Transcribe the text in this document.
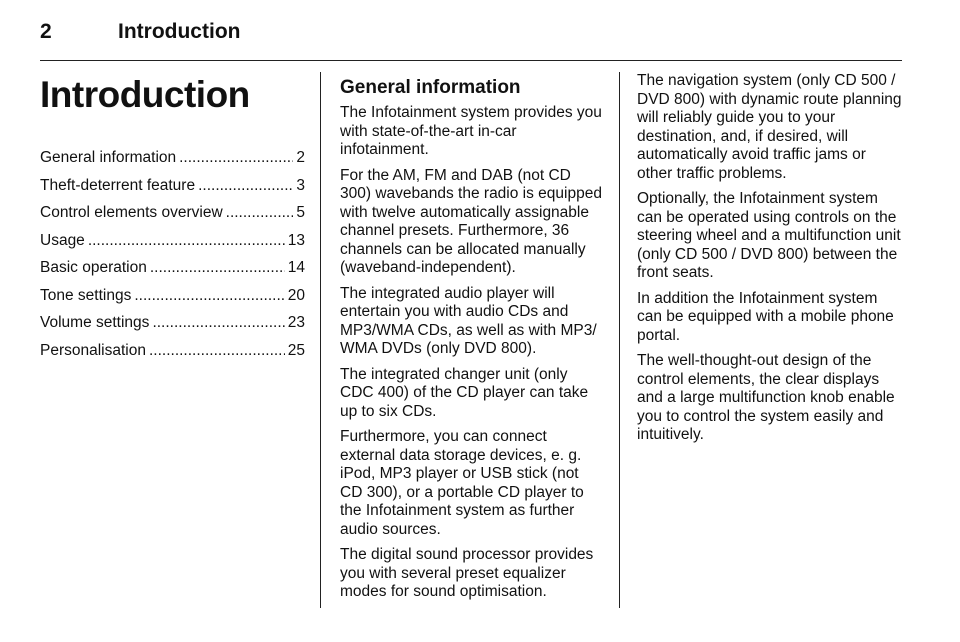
2	Introduction
Introduction
General information .....	2
Theft-deterrent feature .....	3
Control elements overview .....	5
Usage .....	13
Basic operation .....	14
Tone settings .....	20
Volume settings .....	23
Personalisation .....	25
General information

The Infotainment system provides you with state-of-the-art in-car infotainment.

For the AM, FM and DAB (not CD 300) wavebands the radio is equipped with twelve automatically assignable channel presets. Furthermore, 36 channels can be allocated manually (waveband-independent).

The integrated audio player will entertain you with audio CDs and MP3/WMA CDs, as well as with MP3/ WMA DVDs (only DVD 800).

The integrated changer unit (only CDC 400) of the CD player can take up to six CDs.

Furthermore, you can connect external data storage devices, e. g. iPod, MP3 player or USB stick (not CD 300), or a portable CD player to the Infotainment system as further audio sources.

The digital sound processor provides you with several preset equalizer modes for sound optimisation.

The navigation system (only CD 500 / DVD 800) with dynamic route planning will reliably guide you to your destination, and, if desired, will automatically avoid traffic jams or other traffic problems.

Optionally, the Infotainment system can be operated using controls on the steering wheel and a multifunction unit (only CD 500 / DVD 800) between the front seats.

In addition the Infotainment system can be equipped with a mobile phone portal.

The well-thought-out design of the control elements, the clear displays and a large multifunction knob enable you to control the system easily and intuitively.
